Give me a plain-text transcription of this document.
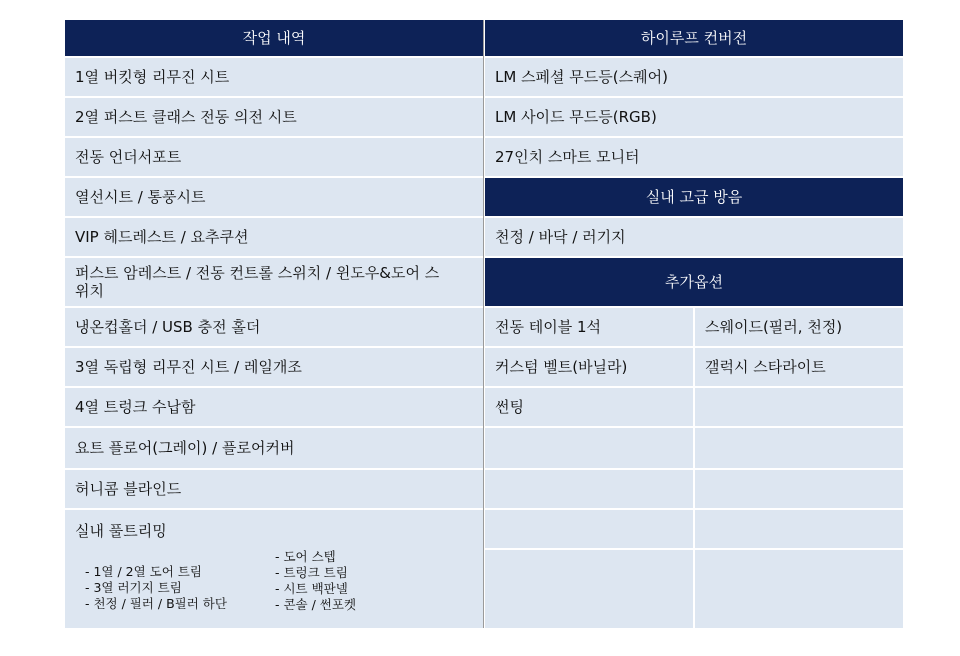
작업 내역
1열 버킷형 리무진 시트
2열 퍼스트 클래스 전동 의전 시트
전동 언더서포트
열선시트 / 통풍시트
VIP 헤드레스트 / 요추쿠션
퍼스트 암레스트 / 전동 컨트롤 스위치 / 윈도우&도어 스
위치
냉온컵홀더 / USB 충전 홀더
3열 독립형 리무진 시트 / 레일개조
4열 트렁크 수납함
요트 플로어(그레이) / 플로어커버
허니콤 블라인드
실내 풀트리밍
- 1열 / 2열 도어 트림
- 3열 러기지 트림
- 천정 / 필러 / B필러 하단
- 도어 스텝
- 트렁크 트림
- 시트 백판넬
- 콘솔 / 썬포켓
하이루프 컨버전
LM 스페셜 무드등(스퀘어)
LM 사이드 무드등(RGB)
27인치 스마트 모니터
실내 고급 방음
천정 / 바닥 / 러기지
추가옵션
전동 테이블 1석	스웨이드(필러, 천정)
커스텀 벨트(바닐라)	갤럭시 스타라이트
썬팅
